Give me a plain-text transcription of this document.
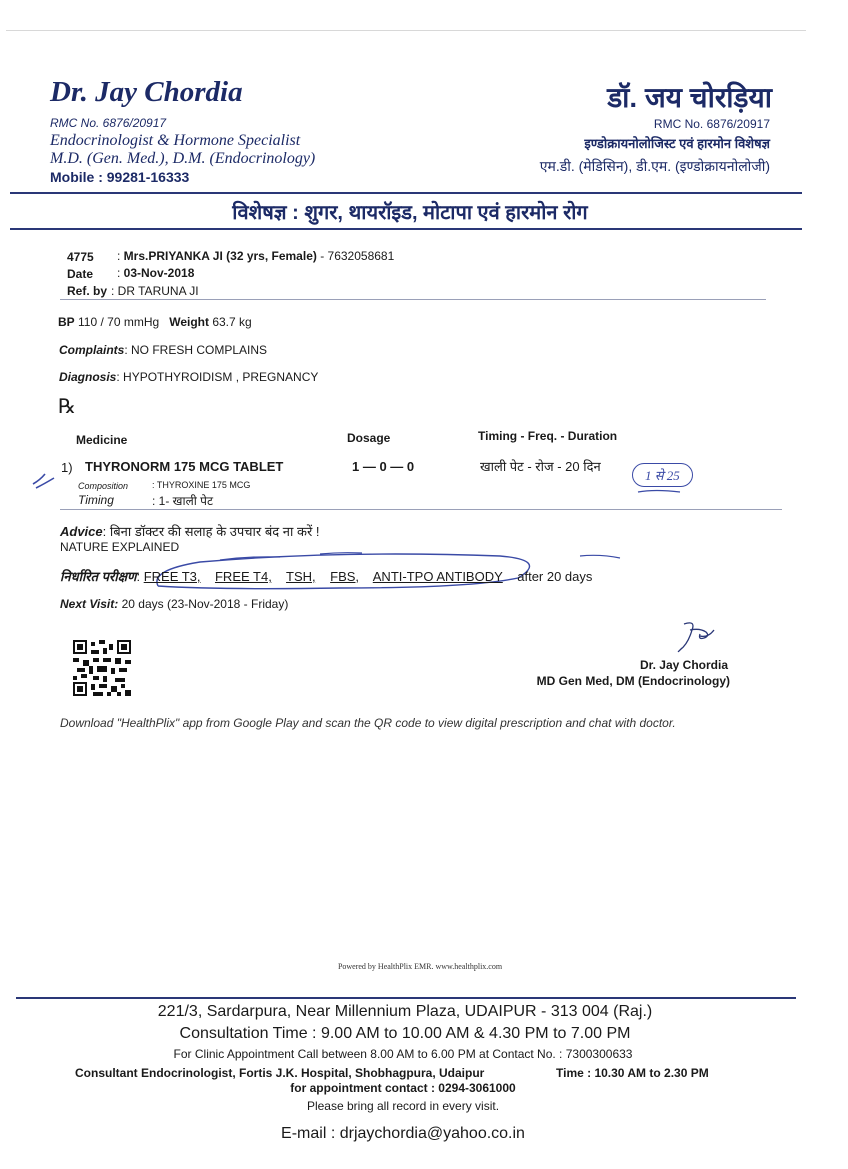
Dr. Jay Chordia
RMC No. 6876/20917
Endocrinologist & Hormone Specialist
M.D. (Gen. Med.), D.M. (Endocrinology)
Mobile : 99281-16333
डॉ. जय चोरड़िया
RMC No. 6876/20917
इण्डोक्रायनोलोजिस्ट एवं हारमोन विशेषज्ञ
एम.डी. (मेडिसिन), डी.एम. (इण्डोक्रायनोलोजी)
विशेषज्ञ : शुगर, थायरॉइड, मोटापा एवं हारमोन रोग
4775 : Mrs.PRIYANKA JI (32 yrs, Female) - 7632058681
Date : 03-Nov-2018
Ref. by : DR TARUNA JI
BP 110 / 70 mmHg Weight 63.7 kg
Complaints: NO FRESH COMPLAINS
Diagnosis: HYPOTHYROIDISM , PREGNANCY
℞
Medicine	Dosage	Timing - Freq. - Duration
1) THYRONORM 175 MCG TABLET	1 — 0 — 0	खाली पेट - रोज - 20 दिन
Composition	: THYROXINE 175 MCG
Timing	: 1- खाली पेट
1 से 25
Advice: बिना डॉक्टर की सलाह के उपचार बंद ना करें !
NATURE EXPLAINED
निर्धारित परीक्षण: FREE T3, FREE T4, TSH, FBS, ANTI-TPO ANTIBODY after 20 days
Next Visit: 20 days (23-Nov-2018 - Friday)
Dr. Jay Chordia
MD Gen Med, DM (Endocrinology)
Download "HealthPlix" app from Google Play and scan the QR code to view digital prescription and chat with doctor.
Powered by HealthPlix EMR. www.healthplix.com
221/3, Sardarpura, Near Millennium Plaza, UDAIPUR - 313 004 (Raj.)
Consultation Time : 9.00 AM to 10.00 AM & 4.30 PM to 7.00 PM
For Clinic Appointment Call between 8.00 AM to 6.00 PM at Contact No. : 7300300633
Consultant Endocrinologist, Fortis J.K. Hospital, Shobhagpura, Udaipur	Time : 10.30 AM to 2.30 PM
for appointment contact : 0294-3061000
Please bring all record in every visit.
E-mail : drjaychordia@yahoo.co.in
